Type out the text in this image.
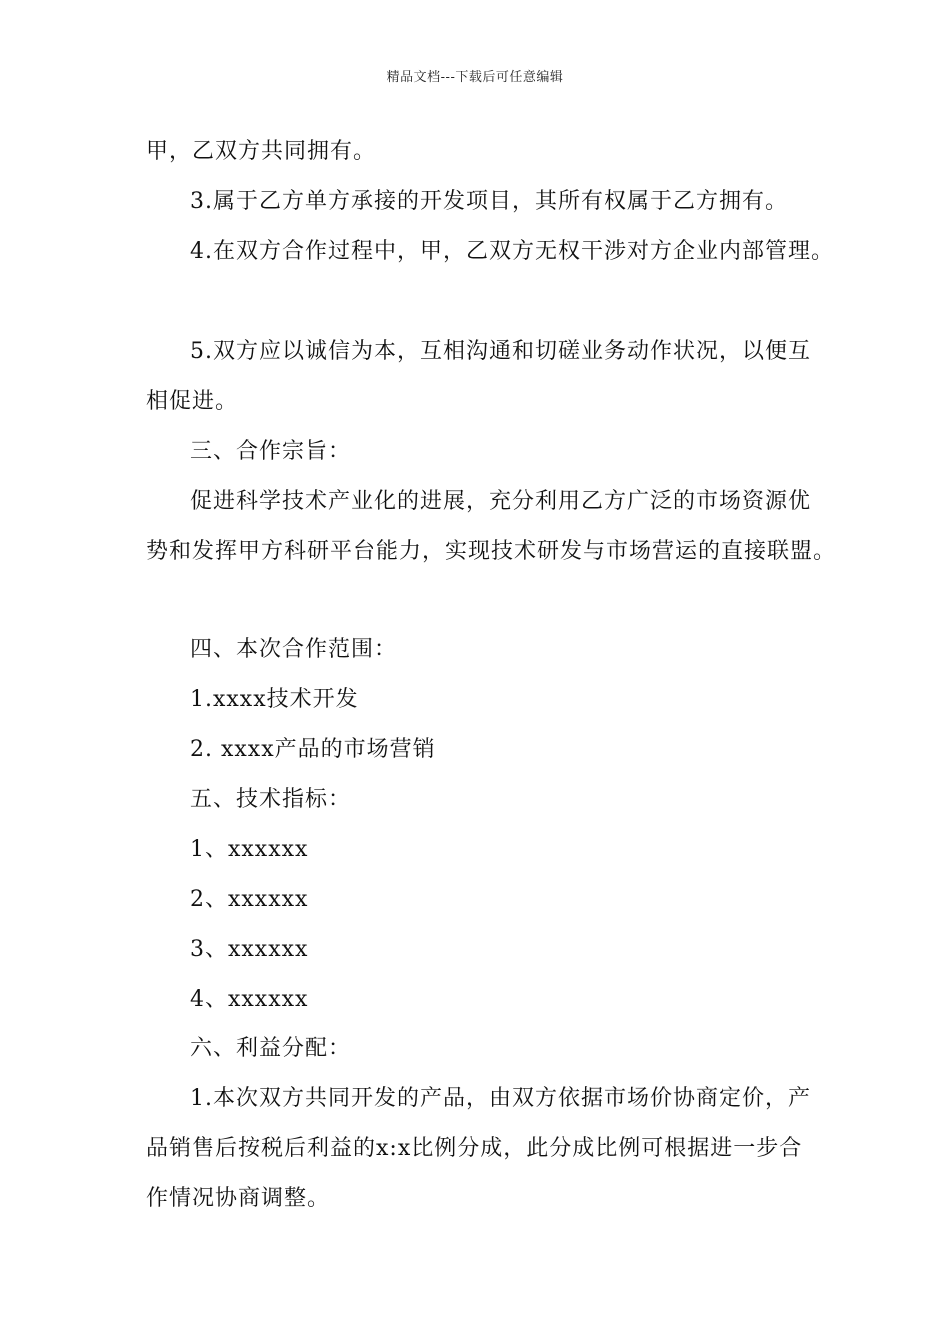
精品文档---下载后可任意编辑
甲，乙双方共同拥有。
3.属于乙方单方承接的开发项目，其所有权属于乙方拥有。
4.在双方合作过程中，甲，乙双方无权干涉对方企业内部管理。
5.双方应以诚信为本，互相沟通和切磋业务动作状况，以便互
相促进。
三、合作宗旨：
促进科学技术产业化的进展，充分利用乙方广泛的市场资源优
势和发挥甲方科研平台能力，实现技术研发与市场营运的直接联盟。
四、本次合作范围：
1.xxxx技术开发
2. xxxx产品的市场营销
五、技术指标：
1、xxxxxx
2、xxxxxx
3、xxxxxx
4、xxxxxx
六、利益分配：
1.本次双方共同开发的产品，由双方依据市场价协商定价，产
品销售后按税后利益的x:x比例分成，此分成比例可根据进一步合
作情况协商调整。
